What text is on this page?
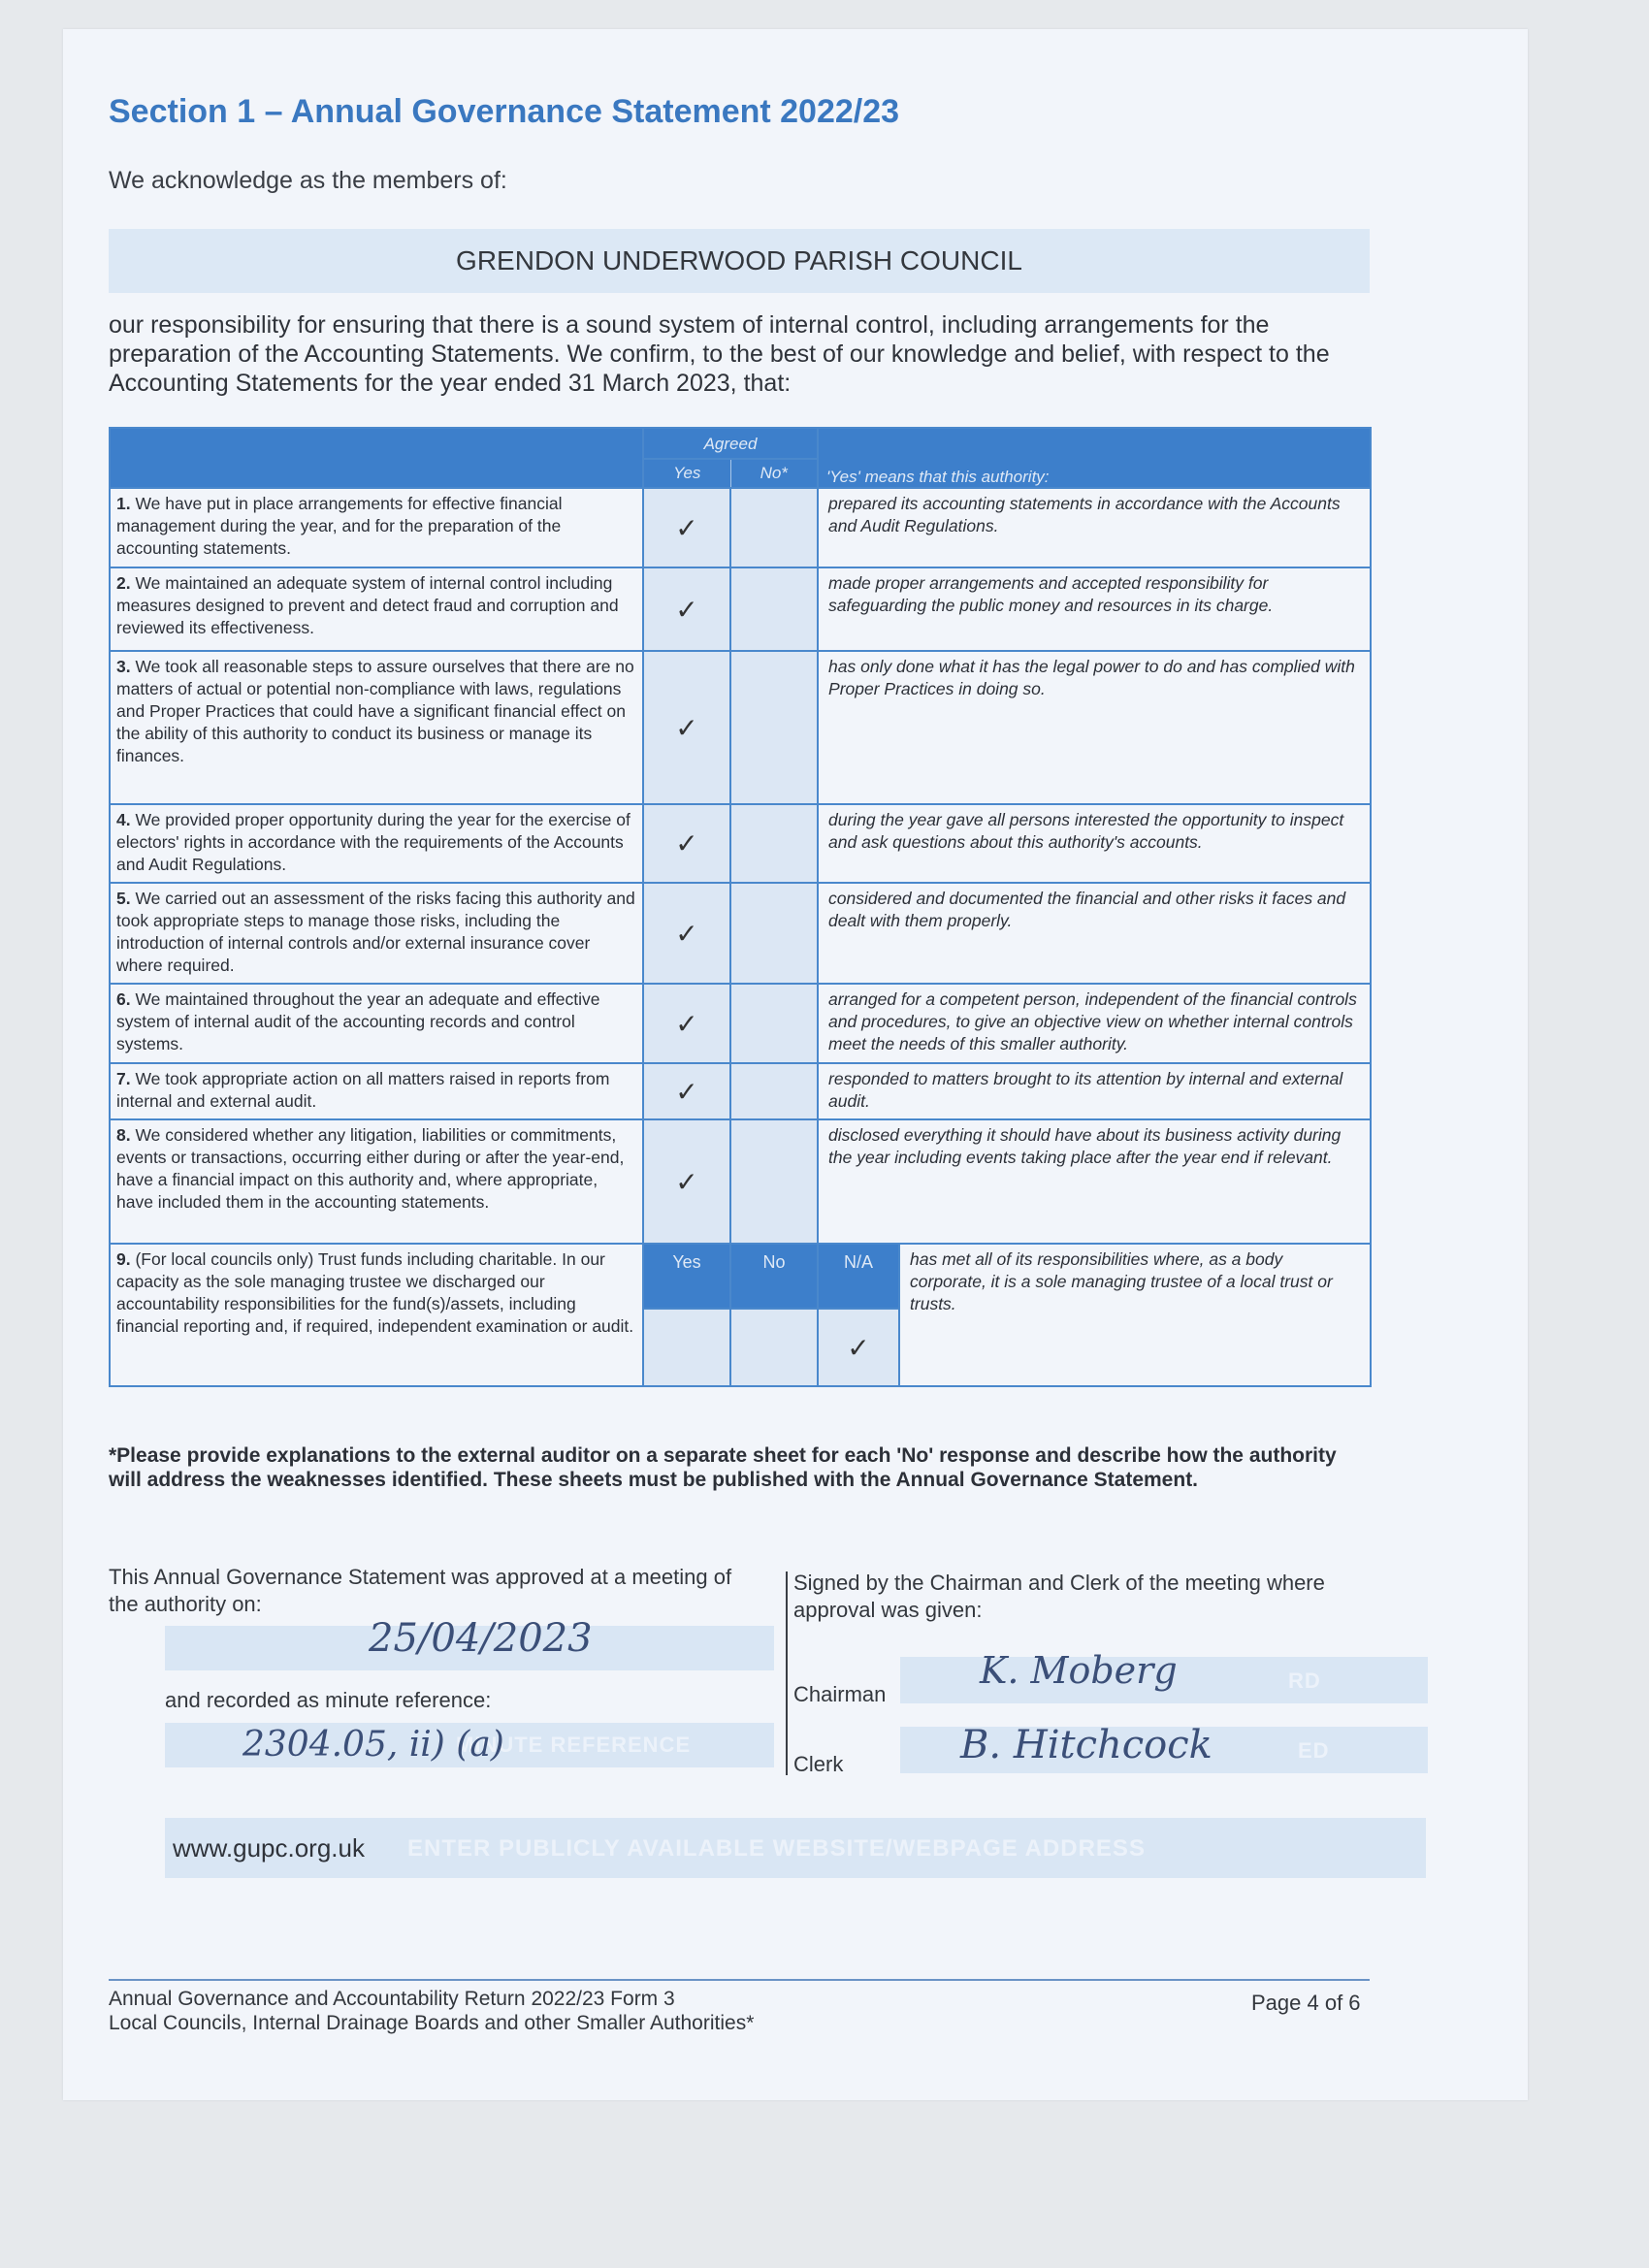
Section 1 – Annual Governance Statement 2022/23
We acknowledge as the members of:
GRENDON UNDERWOOD PARISH COUNCIL
our responsibility for ensuring that there is a sound system of internal control, including arrangements for the preparation of the Accounting Statements. We confirm, to the best of our knowledge and belief, with respect to the Accounting Statements for the year ended 31 March 2023, that:
	Agreed		'Yes' means that this authority:	
	Yes	No*		
1. We have put in place arrangements for effective financial management during the year, and for the preparation of the accounting statements.	✓		prepared its accounting statements in accordance with the Accounts and Audit Regulations.	
2. We maintained an adequate system of internal control including measures designed to prevent and detect fraud and corruption and reviewed its effectiveness.	✓		made proper arrangements and accepted responsibility for safeguarding the public money and resources in its charge.	
3. We took all reasonable steps to assure ourselves that there are no matters of actual or potential non-compliance with laws, regulations and Proper Practices that could have a significant financial effect on the ability of this authority to conduct its business or manage its finances.	✓		has only done what it has the legal power to do and has complied with Proper Practices in doing so.	
4. We provided proper opportunity during the year for the exercise of electors' rights in accordance with the requirements of the Accounts and Audit Regulations.	✓		during the year gave all persons interested the opportunity to inspect and ask questions about this authority's accounts.	
5. We carried out an assessment of the risks facing this authority and took appropriate steps to manage those risks, including the introduction of internal controls and/or external insurance cover where required.	✓		considered and documented the financial and other risks it faces and dealt with them properly.	
6. We maintained throughout the year an adequate and effective system of internal audit of the accounting records and control systems.	✓		arranged for a competent person, independent of the financial controls and procedures, to give an objective view on whether internal controls meet the needs of this smaller authority.	
7. We took appropriate action on all matters raised in reports from internal and external audit.	✓		responded to matters brought to its attention by internal and external audit.	
8. We considered whether any litigation, liabilities or commitments, events or transactions, occurring either during or after the year-end, have a financial impact on this authority and, where appropriate, have included them in the accounting statements.	✓		disclosed everything it should have about its business activity during the year including events taking place after the year end if relevant.	
9. (For local councils only) Trust funds including charitable. In our capacity as the sole managing trustee we discharged our accountability responsibilities for the fund(s)/assets, including financial reporting and, if required, independent examination or audit.	Yes	No	N/A	has met all of its responsibilities where, as a body corporate, it is a sole managing trustee of a local trust or trusts.
			✓	
*Please provide explanations to the external auditor on a separate sheet for each 'No' response and describe how the authority will address the weaknesses identified. These sheets must be published with the Annual Governance Statement.
This Annual Governance Statement was approved at a meeting of the authority on:
25/04/2023
and recorded as minute reference:
MINUTE REFERENCE
2304.05, ii) (a)
Signed by the Chairman and Clerk of the meeting where approval was given:
Chairman
RD
K. Moberg
Clerk
ED
B. Hitchcock
ENTER PUBLICLY AVAILABLE WEBSITE/WEBPAGE ADDRESS
www.gupc.org.uk
Annual Governance and Accountability Return 2022/23 Form 3
Local Councils, Internal Drainage Boards and other Smaller Authorities*
Page 4 of 6
